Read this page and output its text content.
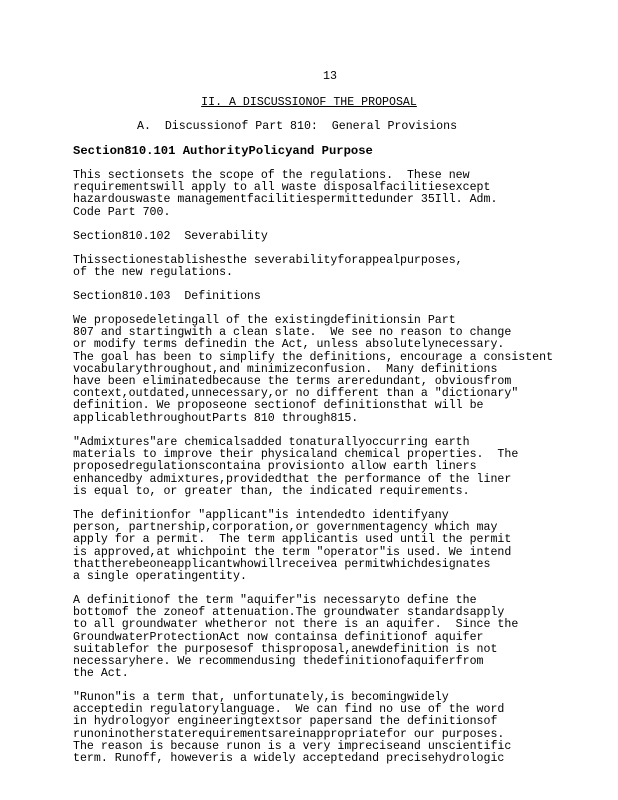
13
II. A DISCUSSIONOF THE PROPOSAL
A.  Discussionof Part 810:  General Provisions
Section810.101 AuthorityPolicyand Purpose
This sectionsets the scope of the regulations.  These new
requirementswill apply to all waste disposalfacilitiesexcept
hazardouswaste managementfacilitiespermittedunder 35Ill. Adm.
Code Part 700.
Section810.102  Severability
Thissectionestablishesthe severabilityforappealpurposes,
of the new regulations.
Section810.103  Definitions
We proposedeletingall of the existingdefinitionsin Part
807 and startingwith a clean slate.  We see no reason to change
or modify terms definedin the Act, unless absolutelynecessary.
The goal has been to simplify the definitions, encourage a consistent
vocabularythroughout,and minimizeconfusion.  Many definitions
have been eliminatedbecause the terms areredundant, obviousfrom
context,outdated,unnecessary,or no different than a "dictionary"
definition. We proposeone sectionof definitionsthat will be
applicablethroughoutParts 810 through815.
"Admixtures"are chemicalsadded tonaturallyoccurring earth
materials to improve their physicaland chemical properties.  The
proposedregulationscontaina provisionto allow earth liners
enhancedby admixtures,providedthat the performance of the liner
is equal to, or greater than, the indicated requirements.
The definitionfor "applicant"is intendedto identifyany
person, partnership,corporation,or governmentagency which may
apply for a permit.  The term applicantis used until the permit
is approved,at whichpoint the term "operator"is used. We intend
thattherebeoneapplicantwhowillreceivea permitwhichdesignates
a single operatingentity.
A definitionof the term "aquifer"is necessaryto define the
bottomof the zoneof attenuation.The groundwater standardsapply
to all groundwater whetheror not there is an aquifer.  Since the
GroundwaterProtectionAct now containsa definitionof aquifer
suitablefor the purposesof thisproposal,anewdefinition is not
necessaryhere. We recommendusing thedefinitionofaquiferfrom
the Act.
"Runon"is a term that, unfortunately,is becomingwidely
acceptedin regulatorylanguage.  We can find no use of the word
in hydrologyor engineeringtextsor papersand the definitionsof
runoninotherstaterequirementsareinappropriatefor our purposes.
The reason is because runon is a very impreciseand unscientific
term. Runoff, howeveris a widely acceptedand precisehydrologic
